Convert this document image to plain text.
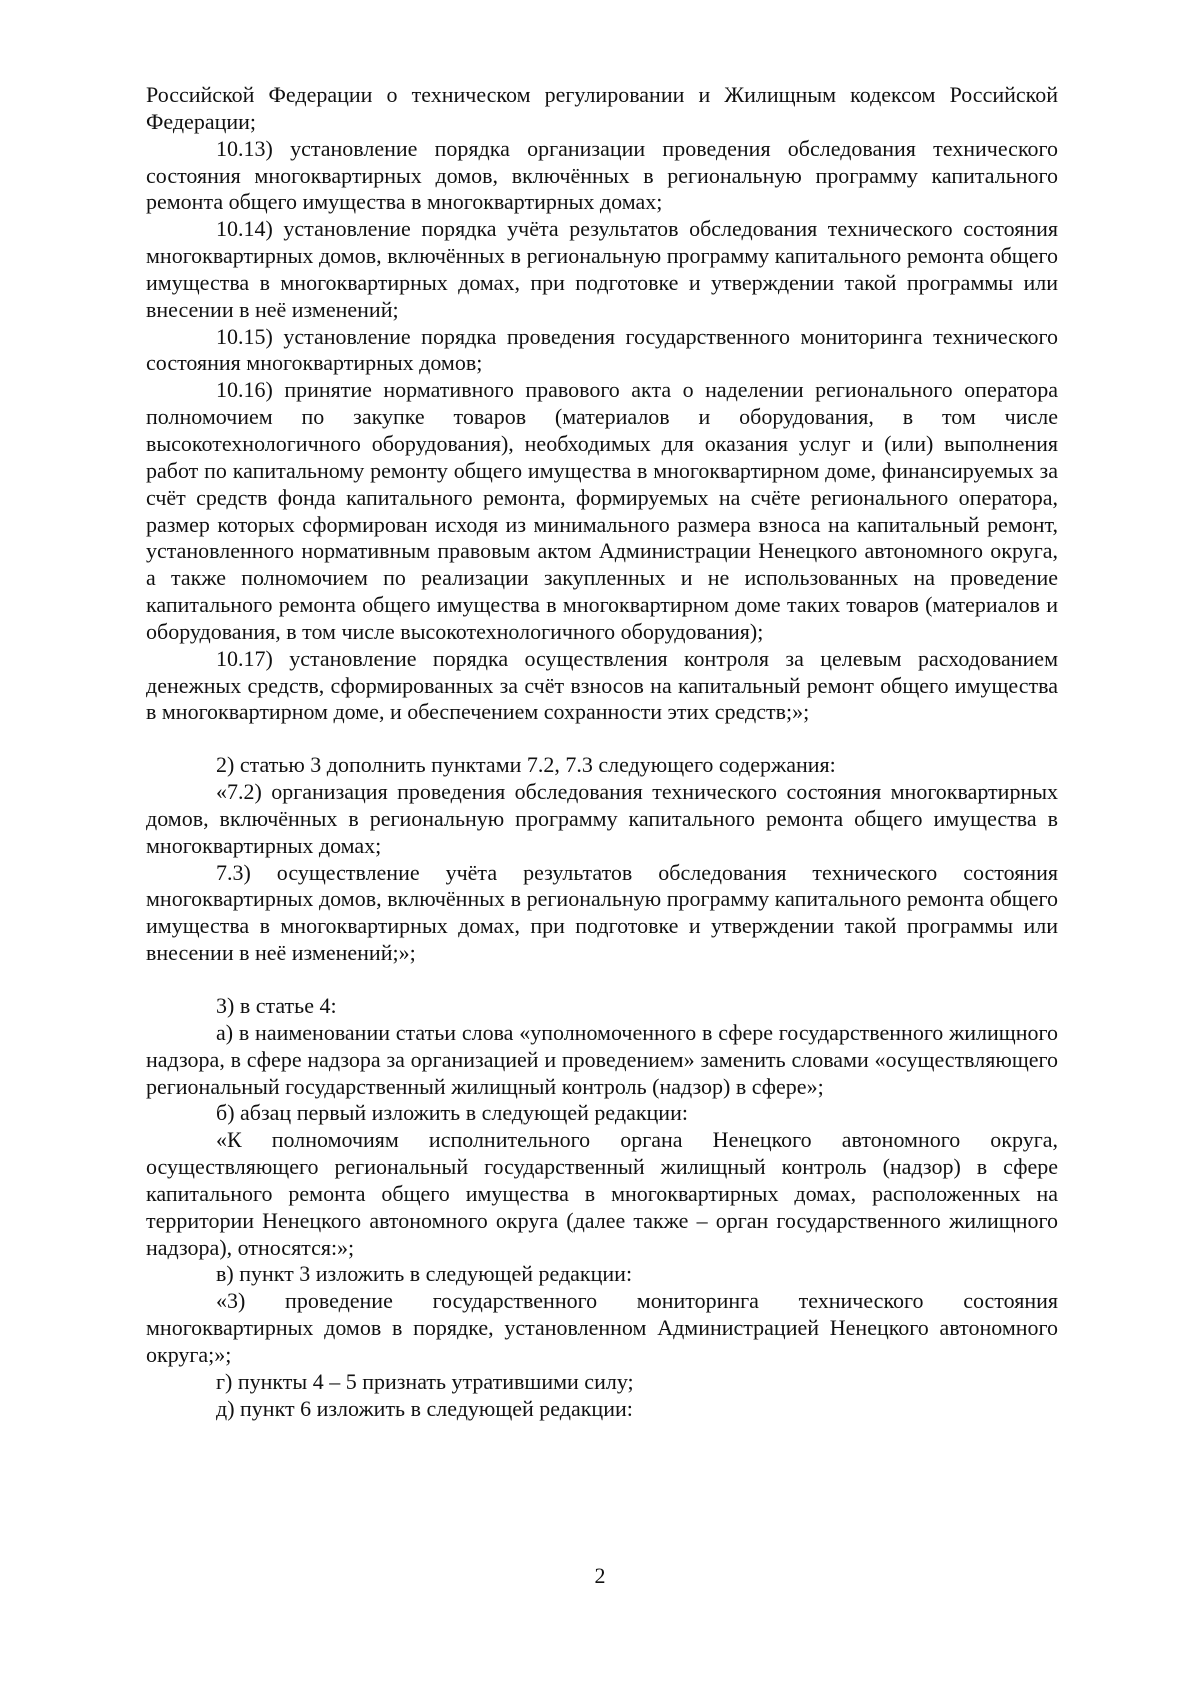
Российской Федерации о техническом регулировании и Жилищным кодексом Российской Федерации;

10.13) установление порядка организации проведения обследования технического состояния многоквартирных домов, включённых в региональную программу капитального ремонта общего имущества в многоквартирных домах;

10.14) установление порядка учёта результатов обследования технического состояния многоквартирных домов, включённых в региональную программу капитального ремонта общего имущества в многоквартирных домах, при подготовке и утверждении такой программы или внесении в неё изменений;

10.15) установление порядка проведения государственного мониторинга технического состояния многоквартирных домов;

10.16) принятие нормативного правового акта о наделении регионального оператора полномочием по закупке товаров (материалов и оборудования, в том числе высокотехнологичного оборудования), необходимых для оказания услуг и (или) выполнения работ по капитальному ремонту общего имущества в многоквартирном доме, финансируемых за счёт средств фонда капитального ремонта, формируемых на счёте регионального оператора, размер которых сформирован исходя из минимального размера взноса на капитальный ремонт, установленного нормативным правовым актом Администрации Ненецкого автономного округа, а также полномочием по реализации закупленных и не использованных на проведение капитального ремонта общего имущества в многоквартирном доме таких товаров (материалов и оборудования, в том числе высокотехнологичного оборудования);

10.17) установление порядка осуществления контроля за целевым расходованием денежных средств, сформированных за счёт взносов на капитальный ремонт общего имущества в многоквартирном доме, и обеспечением сохранности этих средств;»;

2) статью 3 дополнить пунктами 7.2, 7.3 следующего содержания:

«7.2) организация проведения обследования технического состояния многоквартирных домов, включённых в региональную программу капитального ремонта общего имущества в многоквартирных домах;

7.3) осуществление учёта результатов обследования технического состояния многоквартирных домов, включённых в региональную программу капитального ремонта общего имущества в многоквартирных домах, при подготовке и утверждении такой программы или внесении в неё изменений;»;

3) в статье 4:

а) в наименовании статьи слова «уполномоченного в сфере государственного жилищного надзора, в сфере надзора за организацией и проведением» заменить словами «осуществляющего региональный государственный жилищный контроль (надзор) в сфере»;

б) абзац первый изложить в следующей редакции:

«К полномочиям исполнительного органа Ненецкого автономного округа, осуществляющего региональный государственный жилищный контроль (надзор) в сфере капитального ремонта общего имущества в многоквартирных домах, расположенных на территории Ненецкого автономного округа (далее также – орган государственного жилищного надзора), относятся:»;

в) пункт 3 изложить в следующей редакции:

«3) проведение государственного мониторинга технического состояния многоквартирных домов в порядке, установленном Администрацией Ненецкого автономного округа;»;

г) пункты 4 – 5 признать утратившими силу;

д) пункт 6 изложить в следующей редакции:

2
